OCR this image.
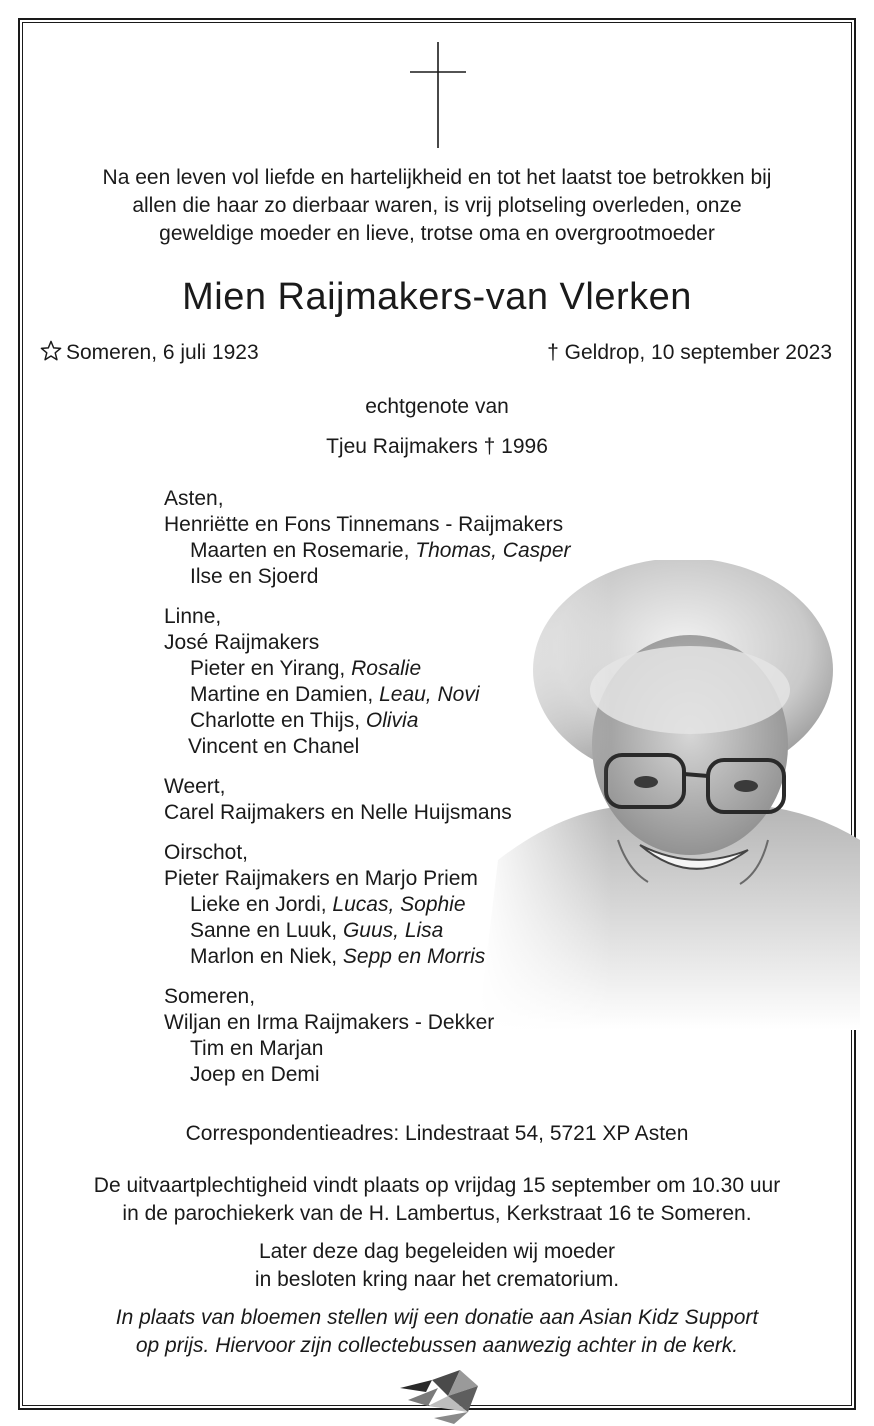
Na een leven vol liefde en hartelijkheid en tot het laatst toe betrokken bij
allen die haar zo dierbaar waren, is vrij plotseling overleden, onze
geweldige moeder en lieve, trotse oma en overgrootmoeder
Mien Raijmakers-van Vlerken
Someren, 6 juli 1923	† Geldrop, 10 september 2023
echtgenote van
Tjeu Raijmakers † 1996
Asten,
Henriëtte en Fons Tinnemans - Raijmakers
Maarten en Rosemarie, Thomas, Casper
Ilse en Sjoerd
Linne,
José Raijmakers
Pieter en Yirang, Rosalie
Martine en Damien, Leau, Novi
Charlotte en Thijs, Olivia
Vincent en Chanel
Weert,
Carel Raijmakers en Nelle Huijsmans
Oirschot,
Pieter Raijmakers en Marjo Priem
Lieke en Jordi, Lucas, Sophie
Sanne en Luuk, Guus, Lisa
Marlon en Niek, Sepp en Morris
Someren,
Wiljan en Irma Raijmakers - Dekker
Tim en Marjan
Joep en Demi
Correspondentieadres: Lindestraat 54, 5721 XP Asten
De uitvaartplechtigheid vindt plaats op vrijdag 15 september om 10.30 uur
in de parochiekerk van de H. Lambertus, Kerkstraat 16 te Someren.
Later deze dag begeleiden wij moeder
in besloten kring naar het crematorium.
In plaats van bloemen stellen wij een donatie aan Asian Kidz Support
op prijs. Hiervoor zijn collectebussen aanwezig achter in de kerk.
